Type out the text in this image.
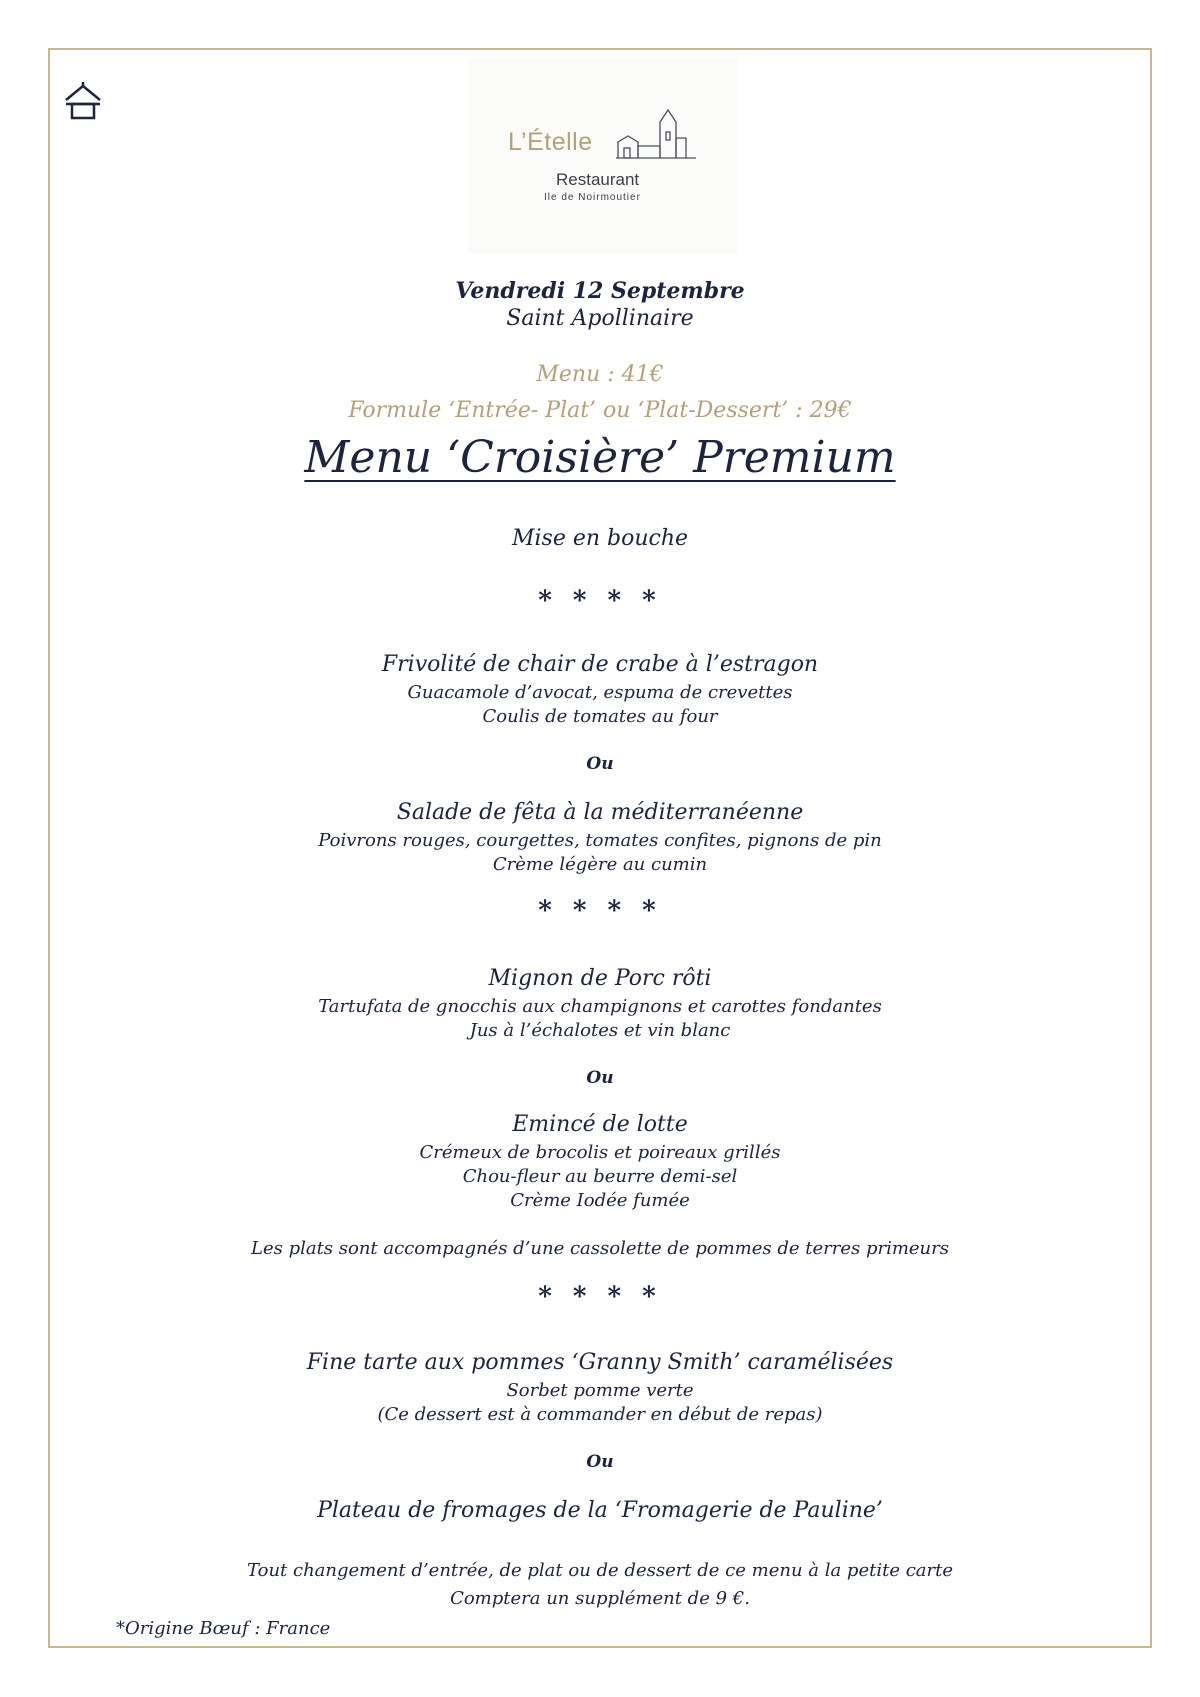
L’Ételle
Restaurant
Ile de Noirmoutier
Vendredi 12 Septembre
Saint Apollinaire
Menu : 41€
Formule ‘Entrée- Plat’ ou ‘Plat-Dessert’ : 29€
Menu ‘Croisière’ Premium
Mise en bouche
* * * *
Frivolité de chair de crabe à l’estragon
Guacamole d’avocat, espuma de crevettes
Coulis de tomates au four
Ou
Salade de fêta à la méditerranéenne
Poivrons rouges, courgettes, tomates confites, pignons de pin
Crème légère au cumin
* * * *
Mignon de Porc rôti
Tartufata de gnocchis aux champignons et carottes fondantes
Jus à l’échalotes et vin blanc
Ou
Emincé de lotte
Crémeux de brocolis et poireaux grillés
Chou-fleur au beurre demi-sel
Crème Iodée fumée
Les plats sont accompagnés d’une cassolette de pommes de terres primeurs
* * * *
Fine tarte aux pommes ‘Granny Smith’ caramélisées
Sorbet pomme verte
(Ce dessert est à commander en début de repas)
Ou
Plateau de fromages de la ‘Fromagerie de Pauline’
Tout changement d’entrée, de plat ou de dessert de ce menu à la petite carte
Comptera un supplément de 9 €.
*Origine Bœuf : France
